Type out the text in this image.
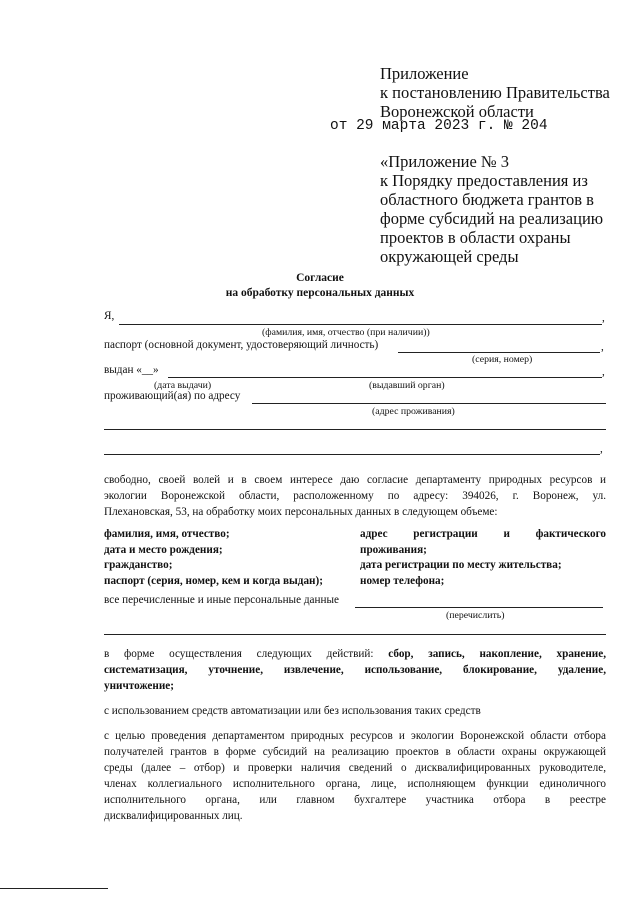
Приложение
к постановлению Правительства
Воронежской области
от 29 марта 2023 г. № 204
«Приложение № 3
к Порядку предоставления из
областного бюджета грантов в
форме субсидий на реализацию
проектов в области охраны
окружающей среды
Согласие
на обработку персональных данных
Я,	,
(фамилия, имя, отчество (при наличии))
паспорт (основной документ, удостоверяющий личность)	,
(серия, номер)
выдан «__»	,
(дата выдачи)	(выдавший орган)
проживающий(ая) по адресу
(адрес проживания)
,
свободно, своей волей и в своем интересе даю согласие департаменту природных ресурсов и
экологии Воронежской области, расположенному по адресу: 394026, г. Воронеж, ул.
Плехановская, 53, на обработку моих персональных данных в следующем объеме:
фамилия, имя, отчество;
дата и место рождения;
гражданство;
паспорт (серия, номер, кем и когда выдан);
адрес регистрации и фактического
проживания;
дата регистрации по месту жительства;
номер телефона;
все перечисленные и иные персональные данные
(перечислить)
в форме осуществления следующих действий: сбор, запись, накопление, хранение,
систематизация, уточнение, извлечение, использование, блокирование, удаление,
уничтожение;
с использованием средств автоматизации или без использования таких средств
с целью проведения департаментом природных ресурсов и экологии Воронежской области отбора
получателей грантов в форме субсидий на реализацию проектов в области охраны окружающей
среды (далее – отбор) и проверки наличия сведений о дисквалифицированных руководителе,
членах коллегиального исполнительного органа, лице, исполняющем функции единоличного
исполнительного органа, или главном бухгалтере участника отбора в реестре
дисквалифицированных лиц.
